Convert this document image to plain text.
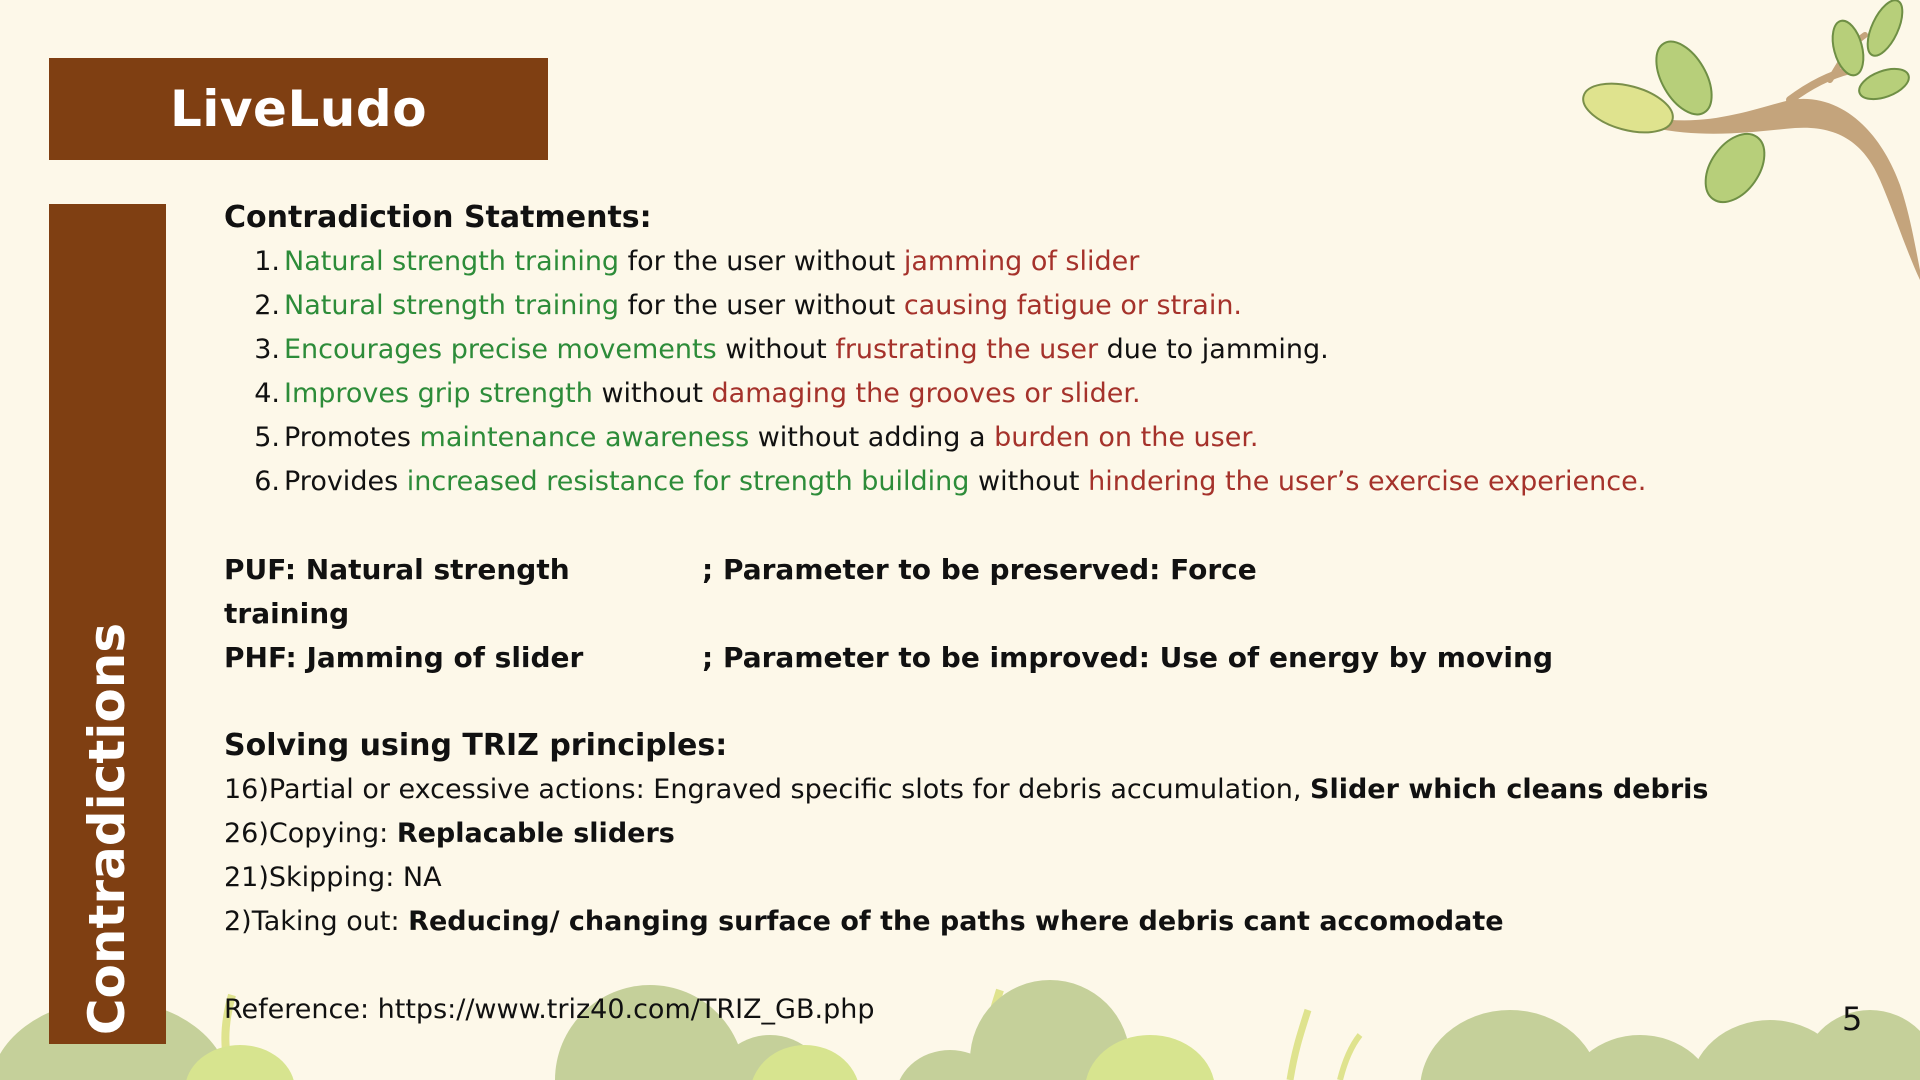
LiveLudo
Contradictions
Contradiction Statments:
1. Natural strength training for the user without jamming of slider
2. Natural strength training for the user without causing fatigue or strain.
3. Encourages precise movements without frustrating the user due to jamming.
4. Improves grip strength without damaging the grooves or slider.
5. Promotes maintenance awareness without adding a burden on the user.
6. Provides increased resistance for strength building without hindering the user’s exercise experience.
PUF: Natural strength training
; Parameter to be preserved: Force
PHF: Jamming of slider	; Parameter to be improved: Use of energy by moving
Solving using TRIZ principles:
16)Partial or excessive actions: Engraved specific slots for debris accumulation, Slider which cleans debris
26)Copying: Replacable sliders
21)Skipping: NA
2)Taking out: Reducing/ changing surface of the paths where debris cant accomodate
Reference: https://www.triz40.com/TRIZ_GB.php	5
